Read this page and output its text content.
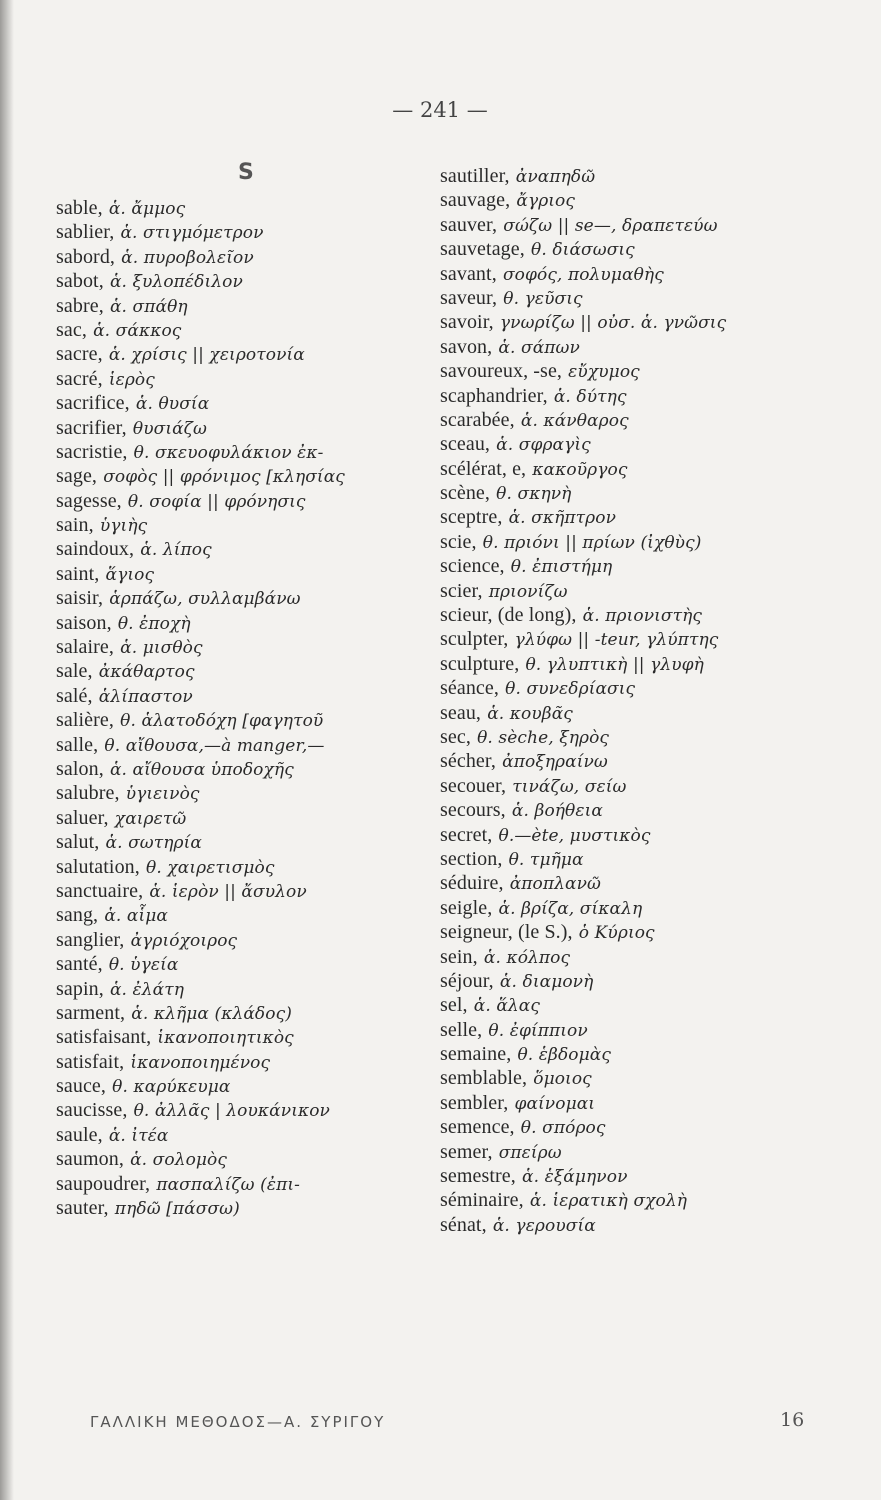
— 241 —
S
sable, ἁ. ἄμμος
sablier, ἁ. στιγμόμετρον
sabord, ἁ. πυροβολεῖον
sabot, ἁ. ξυλοπέδιλον
sabre, ἁ. σπάθη
sac, ἁ. σάκκος
sacre, ἁ. χρίσις || χειροτονία
sacré, ἱερὸς
sacrifice, ἁ. θυσία
sacrifier, θυσιάζω
sacristie, θ. σκευοφυλάκιον ἐκ-
sage, σοφὸς || φρόνιμος [κλησίας
sagesse, θ. σοφία || φρόνησις
sain, ὑγιὴς
saindoux, ἁ. λίπος
saint, ἅγιος
saisir, ἁρπάζω, συλλαμβάνω
saison, θ. ἐποχὴ
salaire, ἁ. μισθὸς
sale, ἀκάθαρτος
salé, ἁλίπαστον
salière, θ. ἁλατοδόχη [φαγητοῦ
salle, θ. αἴθουσα,—à manger,—
salon, ἁ. αἴθουσα ὑποδοχῆς
salubre, ὑγιεινὸς
saluer, χαιρετῶ
salut, ἁ. σωτηρία
salutation, θ. χαιρετισμὸς
sanctuaire, ἁ. ἱερὸν || ἄσυλον
sang, ἁ. αἷμα
sanglier, ἀγριόχοιρος
santé, θ. ὑγεία
sapin, ἁ. ἐλάτη
sarment, ἁ. κλῆμα (κλάδος)
satisfaisant, ἱκανοποιητικὸς
satisfait, ἱκανοποιημένος
sauce, θ. καρύκευμα
saucisse, θ. ἀλλᾶς | λουκάνικον
saule, ἁ. ἰτέα
saumon, ἁ. σολομὸς
saupoudrer, πασπαλίζω (ἐπι-
sauter, πηδῶ [πάσσω)
sautiller, ἀναπηδῶ
sauvage, ἄγριος
sauver, σώζω || se—, δραπετεύω
sauvetage, θ. διάσωσις
savant, σοφός, πολυμαθὴς
saveur, θ. γεῦσις
savoir, γνωρίζω || οὐσ. ἁ. γνῶσις
savon, ἁ. σάπων
savoureux, -se, εὔχυμος
scaphandrier, ἁ. δύτης
scarabée, ἁ. κάνθαρος
sceau, ἁ. σφραγὶς
scélérat, e, κακοῦργος
scène, θ. σκηνὴ
sceptre, ἁ. σκῆπτρον
scie, θ. πριόνι || πρίων (ἰχθὺς)
science, θ. ἐπιστήμη
scier, πριονίζω
scieur, (de long), ἁ. πριονιστὴς
sculpter, γλύφω || -teur, γλύπτης
sculpture, θ. γλυπτικὴ || γλυφὴ
séance, θ. συνεδρίασις
seau, ἁ. κουβᾶς
sec, θ. sèche, ξηρὸς
sécher, ἀποξηραίνω
secouer, τινάζω, σείω
secours, ἁ. βοήθεια
secret, θ.—ète, μυστικὸς
section, θ. τμῆμα
séduire, ἀποπλανῶ
seigle, ἁ. βρίζα, σίκαλη
seigneur, (le S.), ὁ Κύριος
sein, ἁ. κόλπος
séjour, ἁ. διαμονὴ
sel, ἁ. ἅλας
selle, θ. ἐφίππιον
semaine, θ. ἑβδομὰς
semblable, ὅμοιος
sembler, φαίνομαι
semence, θ. σπόρος
semer, σπείρω
semestre, ἁ. ἑξάμηνον
séminaire, ἁ. ἱερατικὴ σχολὴ
sénat, ἁ. γερουσία
ΓΑΛΛΙΚΗ ΜΕΘΟΔΟΣ—Α. ΣΥΡΙΓΟΥ	16
